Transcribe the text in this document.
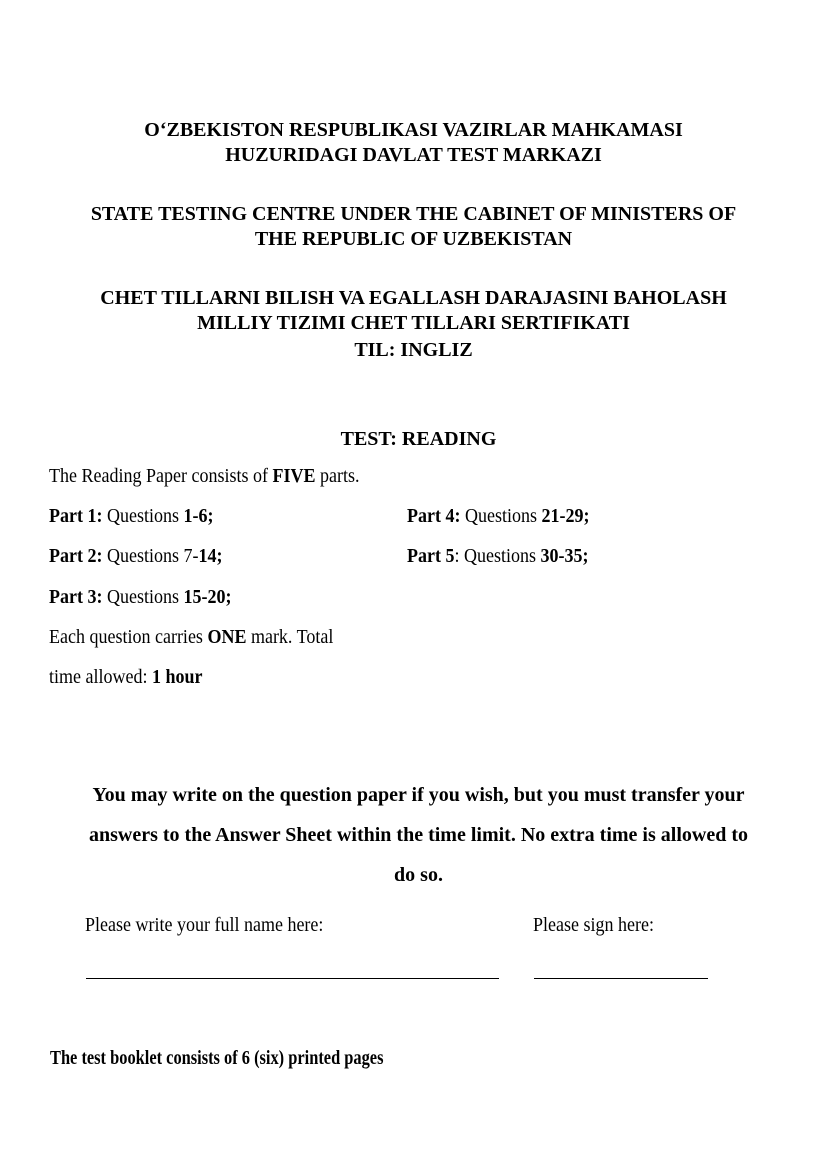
O‘ZBEKISTON RESPUBLIKASI VAZIRLAR MAHKAMASI
HUZURIDAGI DAVLAT TEST MARKAZI
STATE TESTING CENTRE UNDER THE CABINET OF MINISTERS OF
THE REPUBLIC OF UZBEKISTAN
CHET TILLARNI BILISH VA EGALLASH DARAJASINI BAHOLASH
MILLIY TIZIMI CHET TILLARI SERTIFIKATI
TIL: INGLIZ
TEST: READING
The Reading Paper consists of FIVE parts.
Part 1: Questions 1-6;
Part 2: Questions 7-14;
Part 3: Questions 15-20;
Part 4: Questions 21-29;
Part 5: Questions 30-35;
Each question carries ONE mark. Total
time allowed: 1 hour
You may write on the question paper if you wish, but you must transfer your
answers to the Answer Sheet within the time limit. No extra time is allowed to
do so.
Please write your full name here:	Please sign here:
The test booklet consists of 6 (six) printed pages
